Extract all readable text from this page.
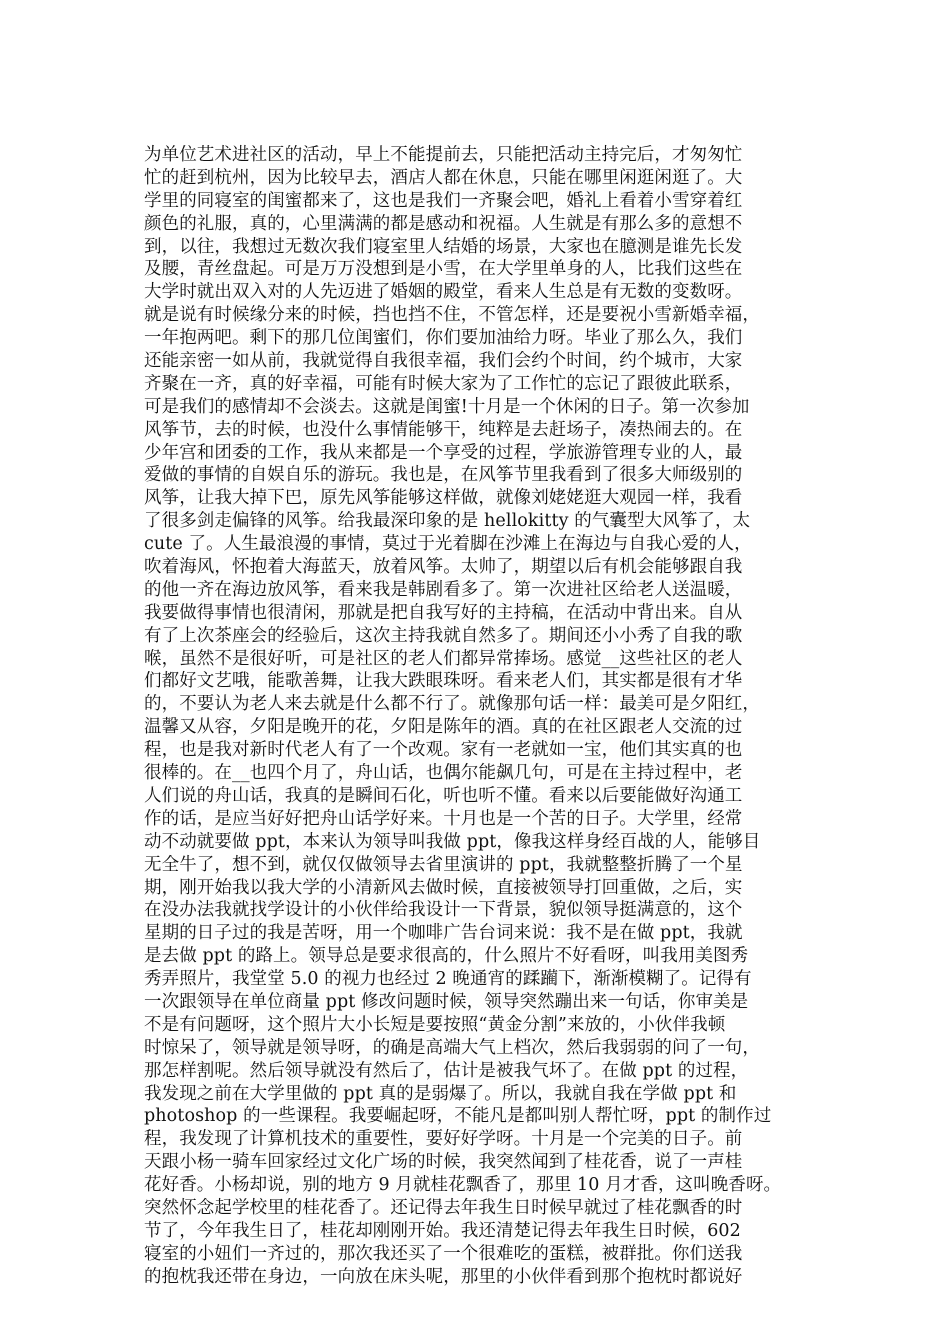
为单位艺术进社区的活动，早上不能提前去，只能把活动主持完后，才匆匆忙
忙的赶到杭州，因为比较早去，酒店人都在休息，只能在哪里闲逛闲逛了。大
学里的同寝室的闺蜜都来了，这也是我们一齐聚会吧，婚礼上看着小雪穿着红
颜色的礼服，真的，心里满满的都是感动和祝福。人生就是有那么多的意想不
到，以往，我想过无数次我们寝室里人结婚的场景，大家也在臆测是谁先长发
及腰，青丝盘起。可是万万没想到是小雪，在大学里单身的人，比我们这些在
大学时就出双入对的人先迈进了婚姻的殿堂，看来人生总是有无数的变数呀。
就是说有时候缘分来的时候，挡也挡不住，不管怎样，还是要祝小雪新婚幸福，
一年抱两吧。剩下的那几位闺蜜们，你们要加油给力呀。毕业了那么久，我们
还能亲密一如从前，我就觉得自我很幸福，我们会约个时间，约个城市，大家
齐聚在一齐，真的好幸福，可能有时候大家为了工作忙的忘记了跟彼此联系，
可是我们的感情却不会淡去。这就是闺蜜!十月是一个休闲的日子。第一次参加
风筝节，去的时候，也没什么事情能够干，纯粹是去赶场子，凑热闹去的。在
少年宫和团委的工作，我从来都是一个享受的过程，学旅游管理专业的人，最
爱做的事情的自娱自乐的游玩。我也是，在风筝节里我看到了很多大师级别的
风筝，让我大掉下巴，原先风筝能够这样做，就像刘姥姥逛大观园一样，我看
了很多剑走偏锋的风筝。给我最深印象的是 hellokitty 的气囊型大风筝了，太
cute 了。人生最浪漫的事情，莫过于光着脚在沙滩上在海边与自我心爱的人，
吹着海风，怀抱着大海蓝天，放着风筝。太帅了，期望以后有机会能够跟自我
的他一齐在海边放风筝，看来我是韩剧看多了。第一次进社区给老人送温暖，
我要做得事情也很清闲，那就是把自我写好的主持稿，在活动中背出来。自从
有了上次茶座会的经验后，这次主持我就自然多了。期间还小小秀了自我的歌
喉，虽然不是很好听，可是社区的老人们都异常捧场。感觉__这些社区的老人
们都好文艺哦，能歌善舞，让我大跌眼珠呀。看来老人们，其实都是很有才华
的，不要认为老人来去就是什么都不行了。就像那句话一样：最美可是夕阳红，
温馨又从容，夕阳是晚开的花，夕阳是陈年的酒。真的在社区跟老人交流的过
程，也是我对新时代老人有了一个改观。家有一老就如一宝，他们其实真的也
很棒的。在__也四个月了，舟山话，也偶尔能飙几句，可是在主持过程中，老
人们说的舟山话，我真的是瞬间石化，听也听不懂。看来以后要能做好沟通工
作的话，是应当好好把舟山话学好来。十月也是一个苦的日子。大学里，经常
动不动就要做 ppt，本来认为领导叫我做 ppt，像我这样身经百战的人，能够目
无全牛了，想不到，就仅仅做领导去省里演讲的 ppt，我就整整折腾了一个星
期，刚开始我以我大学的小清新风去做时候，直接被领导打回重做，之后，实
在没办法我就找学设计的小伙伴给我设计一下背景，貌似领导挺满意的，这个
星期的日子过的我是苦呀，用一个咖啡广告台词来说：我不是在做 ppt，我就
是去做 ppt 的路上。领导总是要求很高的，什么照片不好看呀，叫我用美图秀
秀弄照片，我堂堂 5.0 的视力也经过 2 晚通宵的蹂躏下，渐渐模糊了。记得有
一次跟领导在单位商量 ppt 修改问题时候，领导突然蹦出来一句话，你审美是
不是有问题呀，这个照片大小长短是要按照“黄金分割”来放的，小伙伴我顿
时惊呆了，领导就是领导呀，的确是高端大气上档次，然后我弱弱的问了一句，
那怎样割呢。然后领导就没有然后了，估计是被我气坏了。在做 ppt 的过程，
我发现之前在大学里做的 ppt 真的是弱爆了。所以，我就自我在学做 ppt 和
photoshop 的一些课程。我要崛起呀，不能凡是都叫别人帮忙呀，ppt 的制作过
程，我发现了计算机技术的重要性，要好好学呀。十月是一个完美的日子。前
天跟小杨一骑车回家经过文化广场的时候，我突然闻到了桂花香，说了一声桂
花好香。小杨却说，别的地方 9 月就桂花飘香了，那里 10 月才香，这叫晚香呀。
突然怀念起学校里的桂花香了。还记得去年我生日时候早就过了桂花飘香的时
节了，今年我生日了，桂花却刚刚开始。我还清楚记得去年我生日时候，602
寝室的小妞们一齐过的，那次我还买了一个很难吃的蛋糕，被群批。你们送我
的抱枕我还带在身边，一向放在床头呢，那里的小伙伴看到那个抱枕时都说好
